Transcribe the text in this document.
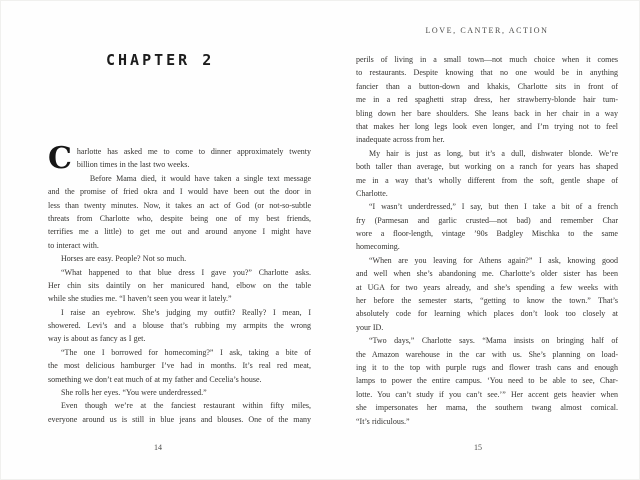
CHAPTER 2
C harlotte has asked me to come to dinner approximately twenty
billion times in the last two weeks.
Before Mama died, it would have taken a single text message
and the promise of fried okra and I would have been out the door in
less than twenty minutes. Now, it takes an act of God (or not-so-subtle
threats from Charlotte who, despite being one of my best friends,
terrifies me a little) to get me out and around anyone I might have
to interact with.
Horses are easy. People? Not so much.
“What happened to that blue dress I gave you?” Charlotte asks.
Her chin sits daintily on her manicured hand, elbow on the table
while she studies me. “I haven’t seen you wear it lately.”
I raise an eyebrow. She’s judging my outfit? Really? I mean, I
showered. Levi’s and a blouse that’s rubbing my armpits the wrong
way is about as fancy as I get.
“The one I borrowed for homecoming?” I ask, taking a bite of
the most delicious hamburger I’ve had in months. It’s real red meat,
something we don’t eat much of at my father and Cecelia’s house.
She rolls her eyes. “You were underdressed.”
Even though we’re at the fanciest restaurant within fifty miles,
everyone around us is still in blue jeans and blouses. One of the many
14
LOVE, CANTER, ACTION
perils of living in a small town—not much choice when it comes
to restaurants. Despite knowing that no one would be in anything
fancier than a button-down and khakis, Charlotte sits in front of
me in a red spaghetti strap dress, her strawberry-blonde hair tum-
bling down her bare shoulders. She leans back in her chair in a way
that makes her long legs look even longer, and I’m trying not to feel
inadequate across from her.
My hair is just as long, but it’s a dull, dishwater blonde. We’re
both taller than average, but working on a ranch for years has shaped
me in a way that’s wholly different from the soft, gentle shape of
Charlotte.
“I wasn’t underdressed,” I say, but then I take a bit of a french
fry (Parmesan and garlic crusted—not bad) and remember Char
wore a floor-length, vintage ’90s Badgley Mischka to the same
homecoming.
“When are you leaving for Athens again?” I ask, knowing good
and well when she’s abandoning me. Charlotte’s older sister has been
at UGA for two years already, and she’s spending a few weeks with
her before the semester starts, “getting to know the town.” That’s
absolutely code for learning which places don’t look too closely at
your ID.
“Two days,” Charlotte says. “Mama insists on bringing half of
the Amazon warehouse in the car with us. She’s planning on load-
ing it to the top with purple rugs and flower trash cans and enough
lamps to power the entire campus. ‘You need to be able to see, Char-
lotte. You can’t study if you can’t see.’” Her accent gets heavier when
she impersonates her mama, the southern twang almost comical.
“It’s ridiculous.”
15
